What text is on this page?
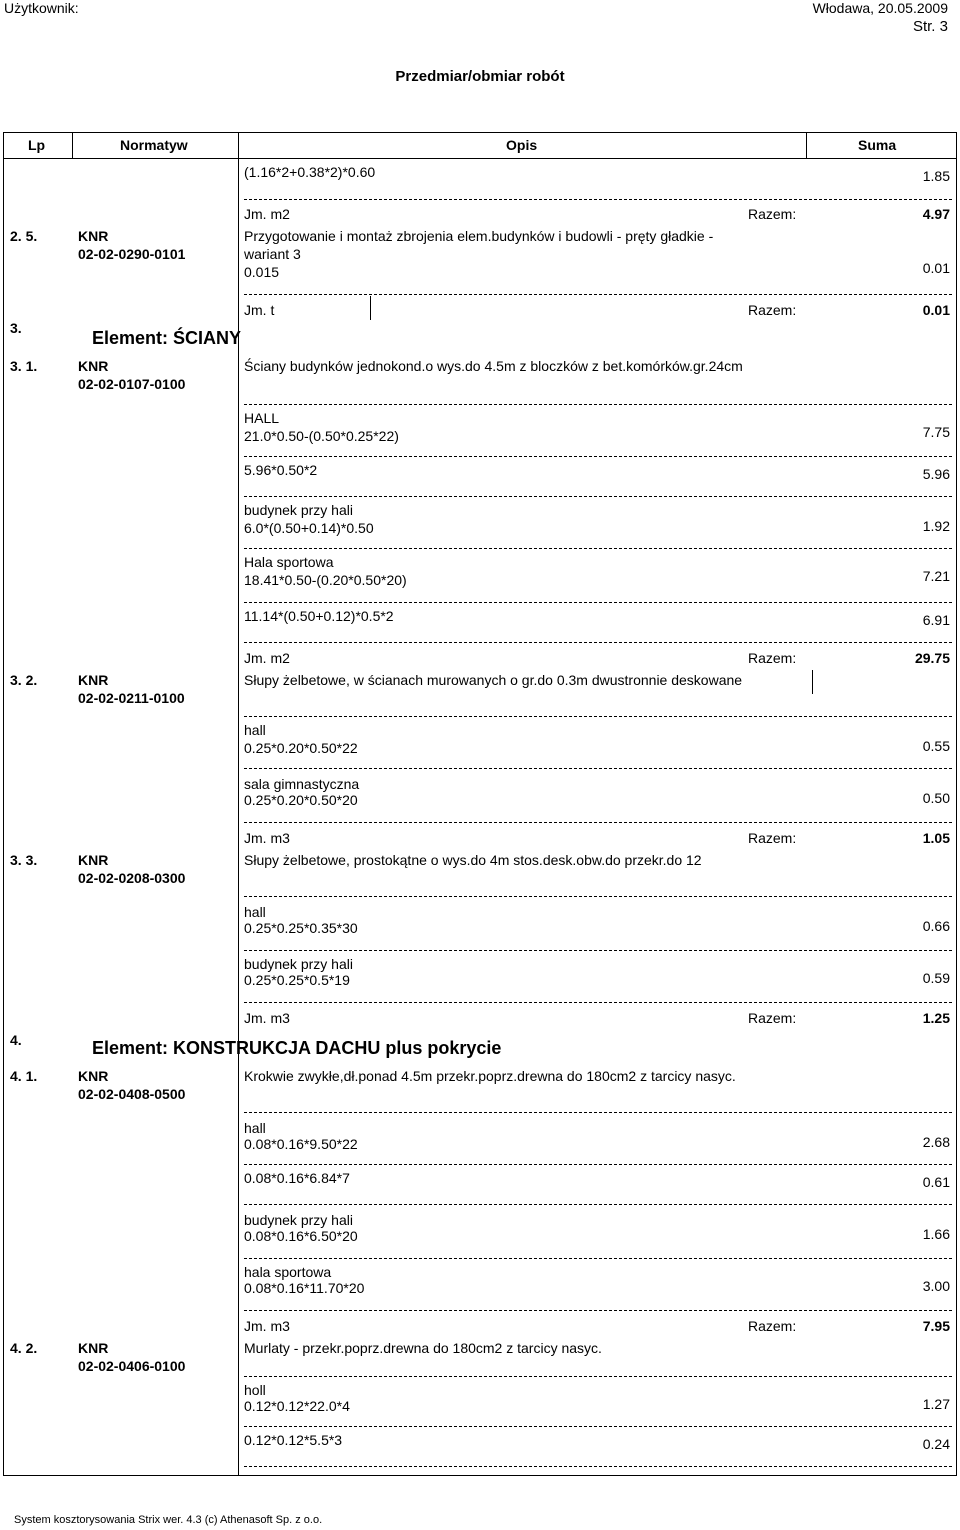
Użytkownik:	Włodawa, 20.05.2009
Str. 3
Przedmiar/obmiar robót
Lp	Normatyw	Opis	Suma
(1.16*2+0.38*2)*0.60	1.85
Jm. m2	Razem:	4.97
2. 5.	KNR
02-02-0290-0101
Przygotowanie i montaż zbrojenia elem.budynków i budowli - pręty gładkie -
wariant 3
0.015	0.01
Jm. t	Razem:	0.01
3.	Element: ŚCIANY
3. 1.	KNR
02-02-0107-0100
Ściany budynków jednokond.o wys.do 4.5m z bloczków z bet.komórków.gr.24cm
HALL
21.0*0.50-(0.50*0.25*22)	7.75
5.96*0.50*2	5.96
budynek przy hali
6.0*(0.50+0.14)*0.50	1.92
Hala sportowa
18.41*0.50-(0.20*0.50*20)	7.21
11.14*(0.50+0.12)*0.5*2	6.91
Jm. m2	Razem:	29.75
3. 2.	KNR
02-02-0211-0100
Słupy żelbetowe, w ścianach murowanych o gr.do 0.3m dwustronnie deskowane
hall
0.25*0.20*0.50*22	0.55
sala gimnastyczna
0.25*0.20*0.50*20	0.50
Jm. m3	Razem:	1.05
3. 3.	KNR
02-02-0208-0300
Słupy żelbetowe, prostokątne o wys.do 4m stos.desk.obw.do przekr.do 12
hall
0.25*0.25*0.35*30	0.66
budynek przy hali
0.25*0.25*0.5*19	0.59
Jm. m3	Razem:	1.25
4.	Element: KONSTRUKCJA DACHU plus pokrycie
4. 1.	KNR
02-02-0408-0500
Krokwie zwykłe,dł.ponad 4.5m przekr.poprz.drewna do 180cm2 z tarcicy nasyc.
hall
0.08*0.16*9.50*22	2.68
0.08*0.16*6.84*7	0.61
budynek przy hali
0.08*0.16*6.50*20	1.66
hala sportowa
0.08*0.16*11.70*20	3.00
Jm. m3	Razem:	7.95
4. 2.	KNR
02-02-0406-0100
Murlaty - przekr.poprz.drewna do 180cm2 z tarcicy nasyc.
holl
0.12*0.12*22.0*4	1.27
0.12*0.12*5.5*3	0.24
System kosztorysowania Strix wer. 4.3 (c) Athenasoft Sp. z o.o.
